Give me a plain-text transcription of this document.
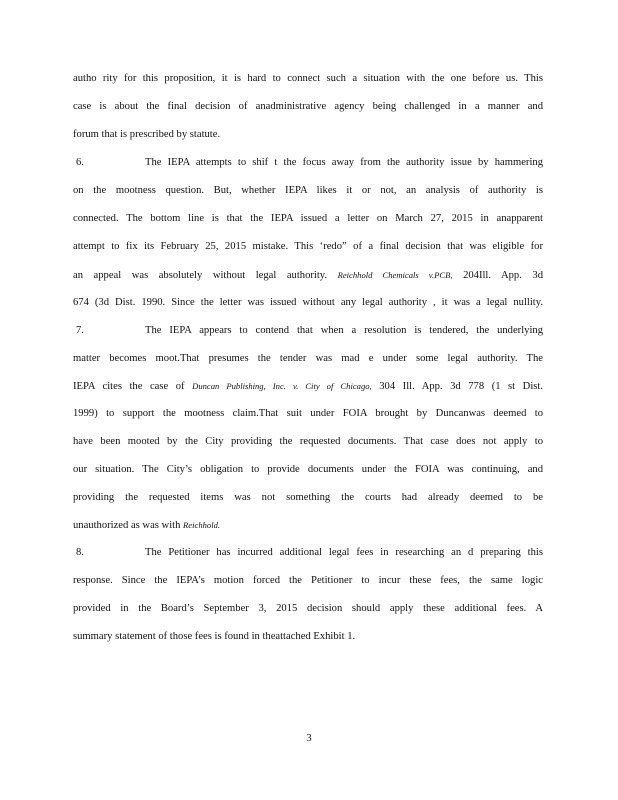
autho rity for this proposition, it is hard to connect such a situation with the one before us. This
case is about the final decision of anadministrative agency being challenged in a manner and
forum that is prescribed by statute.
6.	The IEPA attempts to shif t the focus away from the authority issue by hammering
on the mootness question. But, whether IEPA likes it or not, an analysis of authority is
connected. The bottom line is that the IEPA issued a letter on March 27, 2015 in anapparent
attempt to fix its February 25, 2015 mistake. This ‘redo” of a final decision that was eligible for
an appeal was absolutely without legal authority. Reichhold Chemicals v.PCB, 204Ill. App. 3d
674 (3d Dist. 1990. Since the letter was issued without any legal authority , it was a legal nullity.
7.	The IEPA appears to contend that when a resolution is tendered, the underlying
matter becomes moot.That presumes the tender was mad e under some legal authority. The
IEPA cites the case of Duncan Publishing, Inc. v. City of Chicago, 304 Ill. App. 3d 778 (1 st Dist.
1999) to support the mootness claim.That suit under FOIA brought by Duncanwas deemed to
have been mooted by the City providing the requested documents. That case does not apply to
our situation. The City’s obligation to provide documents under the FOIA was continuing, and
providing the requested items was not something the courts had already deemed to be
unauthorized as was with Reichhold.
8.	The Petitioner has incurred additional legal fees in researching an d preparing this
response. Since the IEPA’s motion forced the Petitioner to incur these fees, the same logic
provided in the Board’s September 3, 2015 decision should apply these additional fees. A
summary statement of those fees is found in theattached Exhibit 1.
3
